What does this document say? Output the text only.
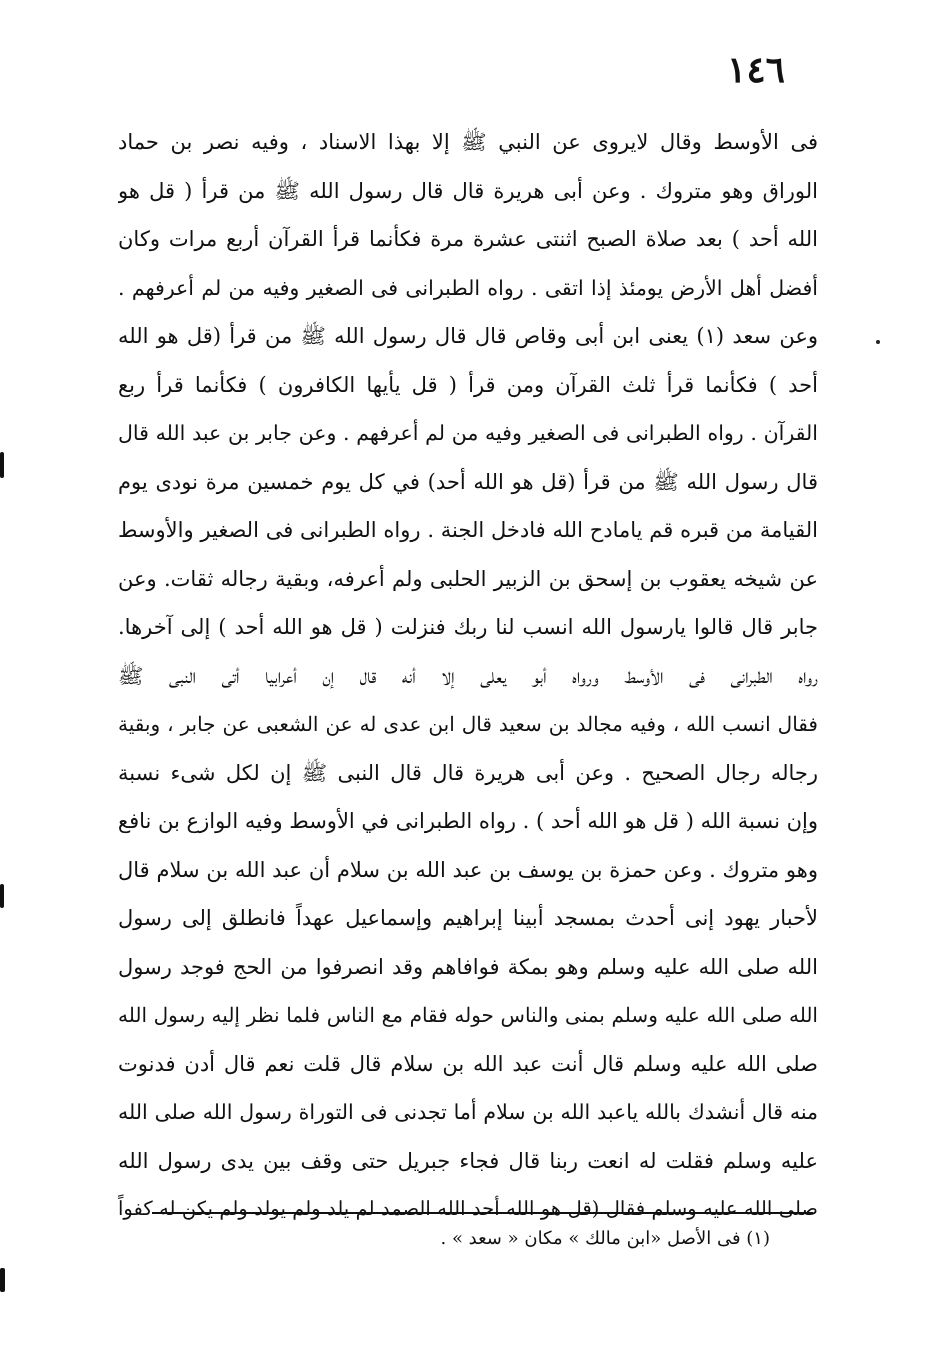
١٤٦
فى الأوسط وقال لايروى عن النبي ﷺ إلا بهذا الاسناد ، وفيه نصر بن حماد
الوراق وهو متروك . وعن أبى هريرة قال قال رسول الله ﷺ من قرأ ( قل هو
الله أحد ) بعد صلاة الصبح اثنتى عشرة مرة فكأنما قرأ القرآن أربع مرات وكان
أفضل أهل الأرض يومئذ إذا اتقى . رواه الطبرانى فى الصغير وفيه من لم أعرفهم .
وعن سعد (١) يعنى ابن أبى وقاص قال قال رسول الله ﷺ من قرأ (قل هو الله
أحد ) فكأنما قرأ ثلث القرآن ومن قرأ ( قل يأيها الكافرون ) فكأنما قرأ ربع
القرآن . رواه الطبرانى فى الصغير وفيه من لم أعرفهم . وعن جابر بن عبد الله قال
قال رسول الله ﷺ من قرأ (قل هو الله أحد) في كل يوم خمسين مرة نودى يوم
القيامة من قبره قم يامادح الله فادخل الجنة . رواه الطبرانى فى الصغير والأوسط
عن شيخه يعقوب بن إسحق بن الزبير الحلبى ولم أعرفه، وبقية رجاله ثقات. وعن
جابر قال قالوا يارسول الله انسب لنا ربك فنزلت ( قل هو الله أحد ) إلى آخرها.
رواه الطبرانى فى الأوسط ورواه أبو يعلى إلا أنه قال إن أعرابيا أتى النبى ﷺ
فقال انسب الله ، وفيه مجالد بن سعيد قال ابن عدى له عن الشعبى عن جابر ، وبقية
رجاله رجال الصحيح . وعن أبى هريرة قال قال النبى ﷺ إن لكل شىء نسبة
وإن نسبة الله ( قل هو الله أحد ) . رواه الطبرانى في الأوسط وفيه الوازع بن نافع
وهو متروك . وعن حمزة بن يوسف بن عبد الله بن سلام أن عبد الله بن سلام قال
لأحبار يهود إنى أحدث بمسجد أبينا إبراهيم وإسماعيل عهداً فانطلق إلى رسول
الله صلى الله عليه وسلم وهو بمكة فوافاهم وقد انصرفوا من الحج فوجد رسول
الله صلى الله عليه وسلم بمنى والناس حوله فقام مع الناس فلما نظر إليه رسول الله
صلى الله عليه وسلم قال أنت عبد الله بن سلام قال قلت نعم قال أدن فدنوت
منه قال أنشدك بالله ياعبد الله بن سلام أما تجدنى فى التوراة رسول الله صلى الله
عليه وسلم فقلت له انعت ربنا قال فجاء جبريل حتى وقف بين يدى رسول الله
صلى الله عليه وسلم فقال (قل هو الله أحد الله الصمد لم يلد ولم يولد ولم يكن له كفواً
(١) فى الأصل «ابن مالك » مكان « سعد » .
